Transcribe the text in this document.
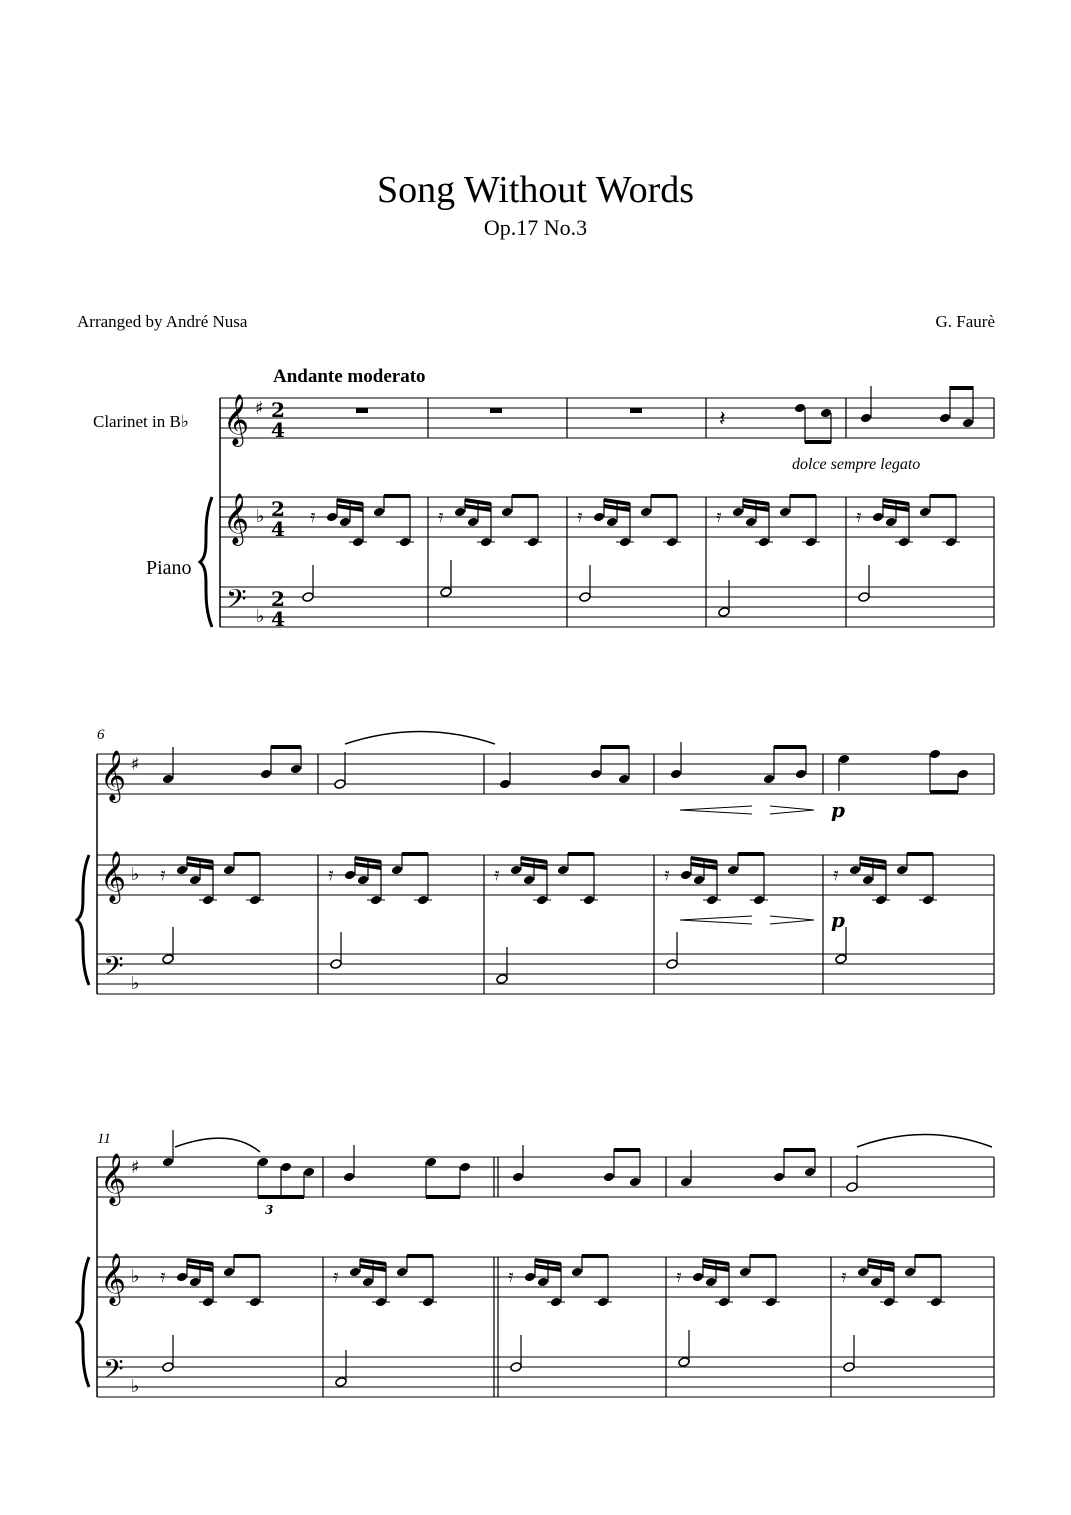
Song Without Words
Op.17 No.3
Arranged by André Nusa	G. Faurè
Andante moderato
Clarinet in B♭
Piano
6
11
dolce sempre legato
𝄞 ♯ 2
4
𝄞 ♭ 2
4
𝄢 ♭
2
4
𝄽
𝄿	𝄿	𝄿	𝄿	𝄿
𝄞 ♯
𝄞 ♭
𝄢 ♭
p
p
𝄿	𝄿	𝄿	𝄿	𝄿
𝄞 ♯
𝄞 ♭
𝄢 ♭
3
𝄿	𝄿	𝄿	𝄿	𝄿
